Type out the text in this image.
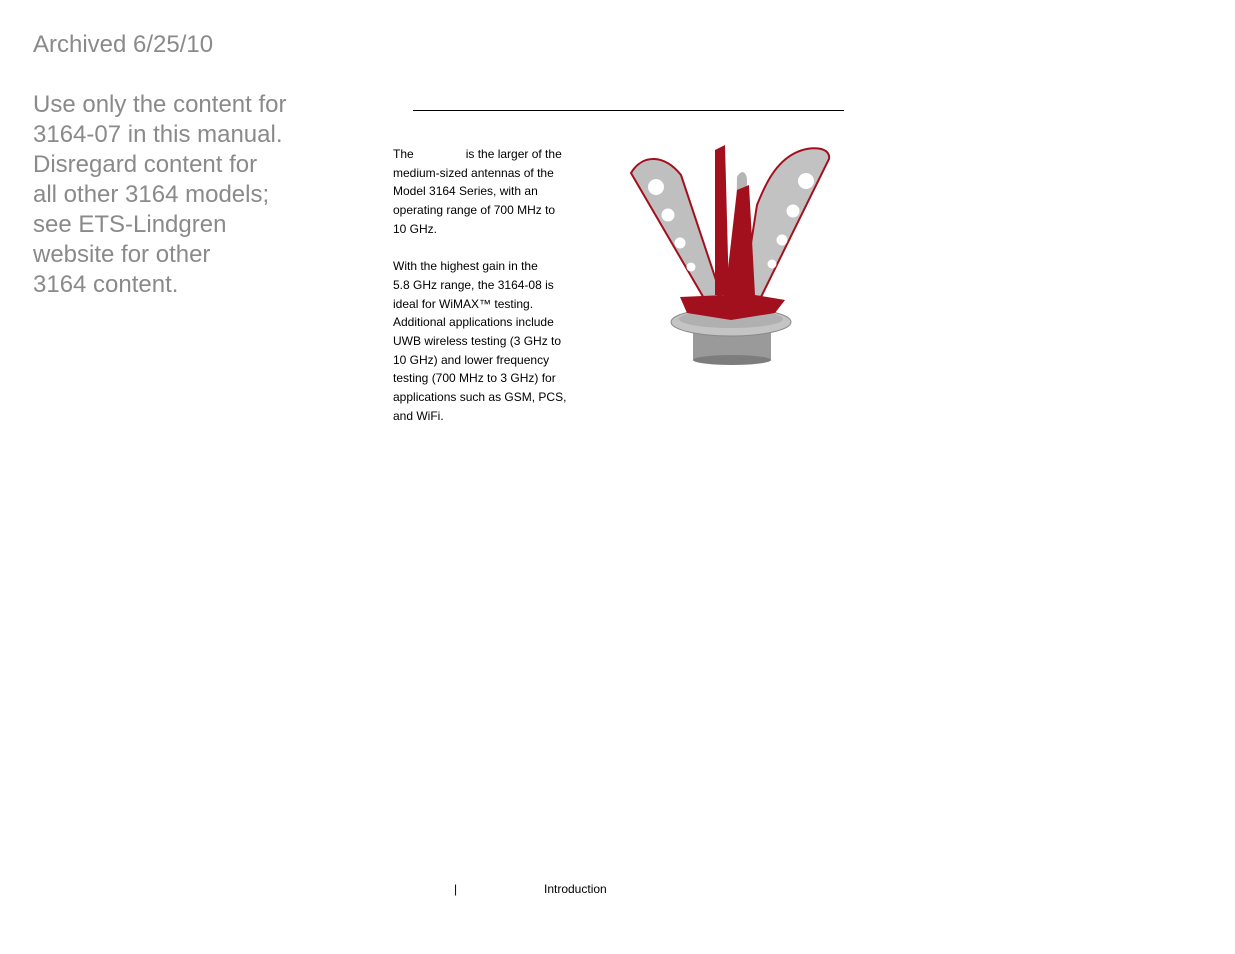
Archived 6/25/10
Use only the content for
3164-07 in this manual.
Disregard content for
all other 3164 models;
see ETS-Lindgren
website for other
3164 content.
The	is the larger of the
medium-sized antennas of the
Model 3164 Series, with an
operating range of 700 MHz to
10 GHz.
With the highest gain in the
5.8 GHz range, the 3164-08 is
ideal for WiMAX™ testing.
Additional applications include
UWB wireless testing (3 GHz to
10 GHz) and lower frequency
testing (700 MHz to 3 GHz) for
applications such as GSM, PCS,
and WiFi.
|	Introduction
